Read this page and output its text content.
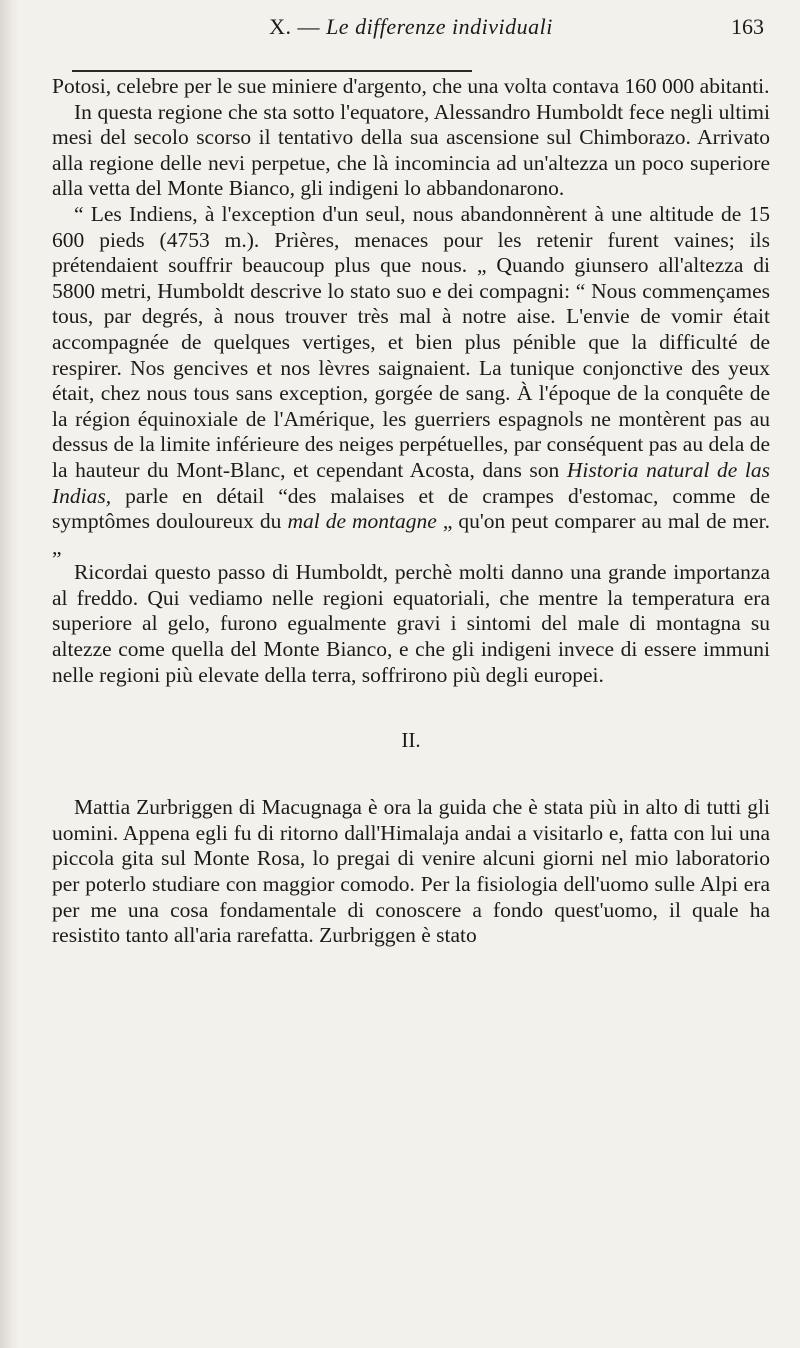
X. — Le differenze individuali	163

Potosi, celebre per le sue miniere d'argento, che una volta contava 160 000 abitanti.

In questa regione che sta sotto l'equatore, Alessandro Humboldt fece negli ultimi mesi del secolo scorso il tentativo della sua ascensione sul Chimborazo. Arrivato alla regione delle nevi perpetue, che là incomincia ad un'altezza un poco superiore alla vetta del Monte Bianco, gli indigeni lo abbandonarono.

“ Les Indiens, à l'exception d'un seul, nous abandonnèrent à une altitude de 15 600 pieds (4753 m.). Prières, menaces pour les retenir furent vaines; ils prétendaient souffrir beaucoup plus que nous. „ Quando giunsero all'altezza di 5800 metri, Humboldt descrive lo stato suo e dei compagni: “ Nous commençames tous, par degrés, à nous trouver très mal à notre aise. L'envie de vomir était accompagnée de quelques vertiges, et bien plus pénible que la difficulté de respirer. Nos gencives et nos lèvres saignaient. La tunique conjonctive des yeux était, chez nous tous sans exception, gorgée de sang. À l'époque de la conquête de la région équinoxiale de l'Amérique, les guerriers espagnols ne montèrent pas au dessus de la limite inférieure des neiges perpétuelles, par conséquent pas au dela de la hauteur du Mont-Blanc, et cependant Acosta, dans son Historia natural de las Indias, parle en détail “des malaises et de crampes d'estomac, comme de symptômes douloureux du mal de montagne „ qu'on peut comparer au mal de mer. „

Ricordai questo passo di Humboldt, perchè molti danno una grande importanza al freddo. Qui vediamo nelle regioni equatoriali, che mentre la temperatura era superiore al gelo, furono egualmente gravi i sintomi del male di montagna su altezze come quella del Monte Bianco, e che gli indigeni invece di essere immuni nelle regioni più elevate della terra, soffrirono più degli europei.

II.

Mattia Zurbriggen di Macugnaga è ora la guida che è stata più in alto di tutti gli uomini. Appena egli fu di ritorno dall'Himalaja andai a visitarlo e, fatta con lui una piccola gita sul Monte Rosa, lo pregai di venire alcuni giorni nel mio laboratorio per poterlo studiare con maggior comodo. Per la fisiologia dell'uomo sulle Alpi era per me una cosa fondamentale di conoscere a fondo quest'uomo, il quale ha resistito tanto all'aria rarefatta. Zurbriggen è stato
